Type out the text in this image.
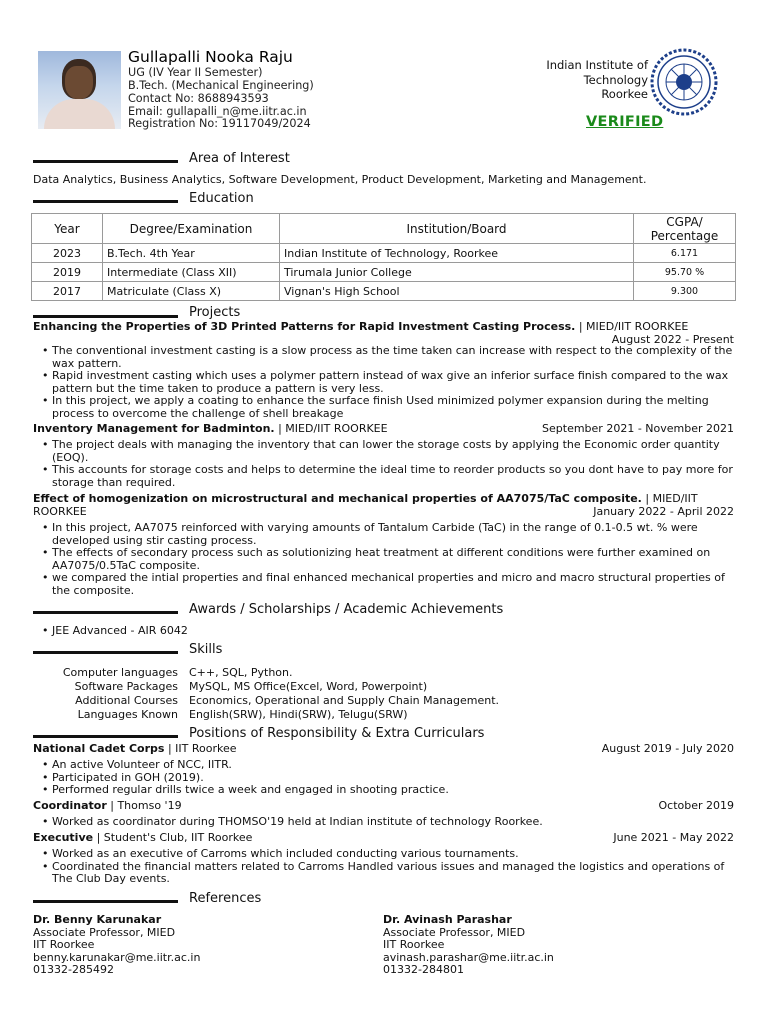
Gullapalli Nooka Raju
UG (IV Year II Semester)
B.Tech. (Mechanical Engineering)
Contact No: 8688943593
Email: gullapalli_n@me.iitr.ac.in
Registration No: 19117049/2024
Indian Institute of
Technology
Roorkee
VERIFIED
Area of Interest
Data Analytics, Business Analytics, Software Development, Product Development, Marketing and Management.
Education
Year	Degree/Examination	Institution/Board	CGPA/
Percentage
2023	B.Tech. 4th Year	Indian Institute of Technology, Roorkee	6.171
2019	Intermediate (Class XII)	Tirumala Junior College	95.70 %
2017	Matriculate (Class X)	Vignan's High School	9.300
Projects
Enhancing the Properties of 3D Printed Patterns for Rapid Investment Casting Process. | MIED/IIT ROORKEE
August 2022 - Present
• The conventional investment casting is a slow process as the time taken can increase with respect to the complexity of the wax pattern.
• Rapid investment casting which uses a polymer pattern instead of wax give an inferior surface finish compared to the wax pattern but the time taken to produce a pattern is very less.
• In this project, we apply a coating to enhance the surface finish Used minimized polymer expansion during the melting process to overcome the challenge of shell breakage
Inventory Management for Badminton. | MIED/IIT ROORKEE	September 2021 - November 2021
• The project deals with managing the inventory that can lower the storage costs by applying the Economic order quantity (EOQ).
• This accounts for storage costs and helps to determine the ideal time to reorder products so you dont have to pay more for storage than required.
Effect of homogenization on microstructural and mechanical properties of AA7075/TaC composite. | MIED/IIT
ROORKEE	January 2022 - April 2022
• In this project, AA7075 reinforced with varying amounts of Tantalum Carbide (TaC) in the range of 0.1-0.5 wt. % were developed using stir casting process.
• The effects of secondary process such as solutionizing heat treatment at different conditions were further examined on AA7075/0.5TaC composite.
• we compared the intial properties and final enhanced mechanical properties and micro and macro structural properties of the composite.
Awards / Scholarships / Academic Achievements
• JEE Advanced - AIR 6042
Skills
Computer languages C++, SQL, Python.
Software Packages MySQL, MS Office(Excel, Word, Powerpoint)
Additional Courses Economics, Operational and Supply Chain Management.
Languages Known English(SRW), Hindi(SRW), Telugu(SRW)
Positions of Responsibility & Extra Curriculars
National Cadet Corps | IIT Roorkee	August 2019 - July 2020
• An active Volunteer of NCC, IITR.
• Participated in GOH (2019).
• Performed regular drills twice a week and engaged in shooting practice.
Coordinator | Thomso '19	October 2019
• Worked as coordinator during THOMSO'19 held at Indian institute of technology Roorkee.
Executive | Student's Club, IIT Roorkee	June 2021 - May 2022
• Worked as an executive of Carroms which included conducting various tournaments.
• Coordinated the financial matters related to Carroms Handled various issues and managed the logistics and operations of The Club Day events.
References
Dr. Benny Karunakar
Associate Professor, MIED
IIT Roorkee
benny.karunakar@me.iitr.ac.in
01332-285492
Dr. Avinash Parashar
Associate Professor, MIED
IIT Roorkee
avinash.parashar@me.iitr.ac.in
01332-284801
